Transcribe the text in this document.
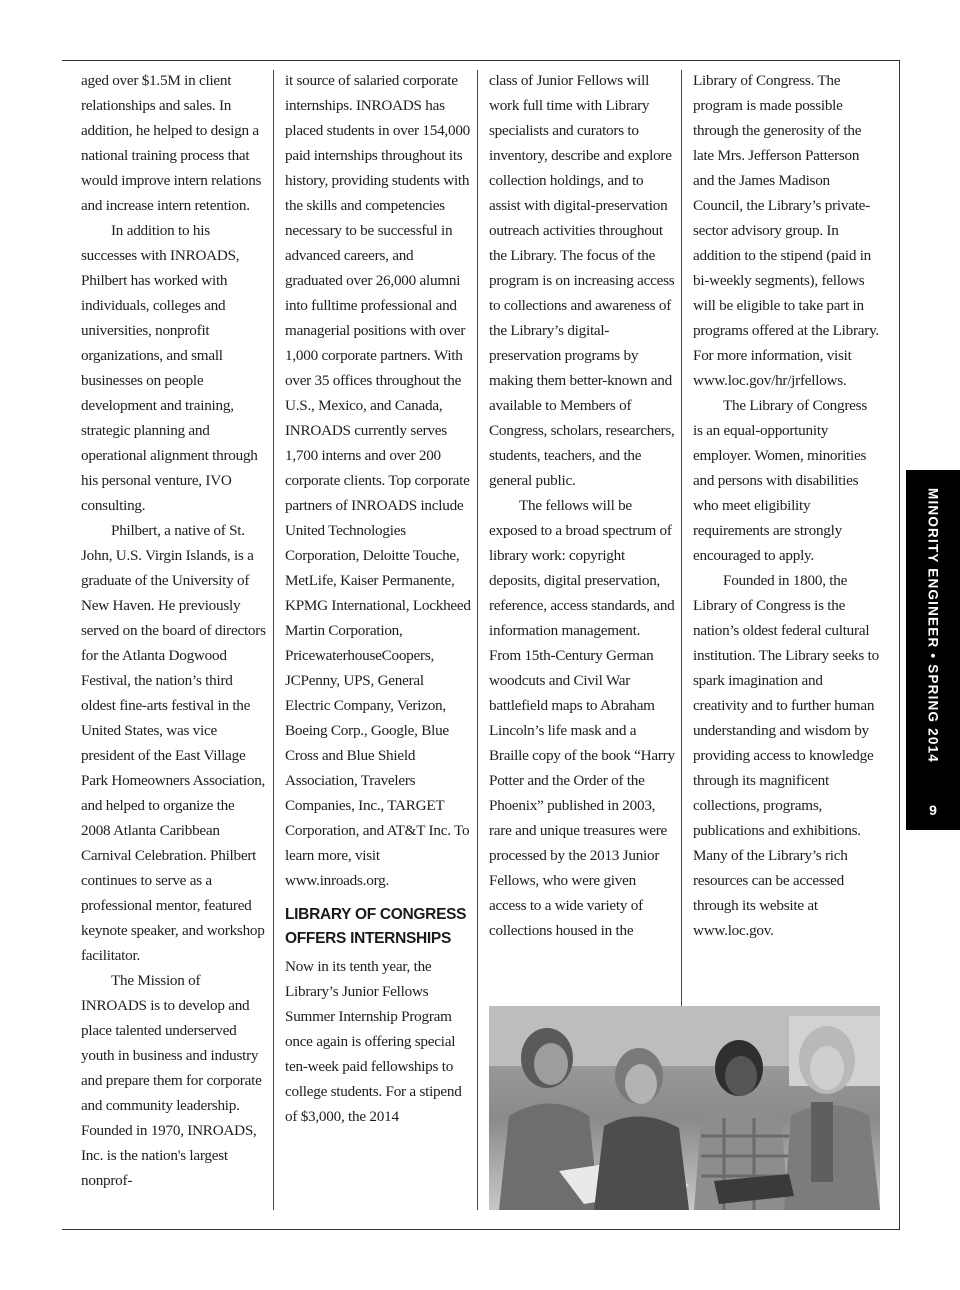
aged over $1.5M in client relationships and sales. In addition, he helped to design a national training process that would improve intern relations and increase intern retention.

In addition to his successes with INROADS, Philbert has worked with individuals, colleges and universities, nonprofit organizations, and small businesses on people development and training, strategic planning and operational alignment through his personal venture, IVO consulting.

Philbert, a native of St. John, U.S. Virgin Islands, is a graduate of the University of New Haven. He previously served on the board of directors for the Atlanta Dogwood Festival, the nation’s third oldest fine-arts festival in the United States, was vice president of the East Village Park Homeowners Association, and helped to organize the 2008 Atlanta Caribbean Carnival Celebration. Philbert continues to serve as a professional mentor, featured keynote speaker, and workshop facilitator.

The Mission of INROADS is to develop and place talented underserved youth in business and industry and prepare them for corporate and community leadership. Founded in 1970, INROADS, Inc. is the nation's largest nonprof-

it source of salaried corporate internships. INROADS has placed students in over 154,000 paid internships throughout its history, providing students with the skills and competencies necessary to be successful in advanced careers, and graduated over 26,000 alumni into fulltime professional and managerial positions with over 1,000 corporate partners. With over 35 offices throughout the U.S., Mexico, and Canada, INROADS currently serves 1,700 interns and over 200 corporate clients. Top corporate partners of INROADS include United Technologies Corporation, Deloitte Touche, MetLife, Kaiser Permanente, KPMG International, Lockheed Martin Corporation, PricewaterhouseCoopers, JCPenny, UPS, General Electric Company, Verizon, Boeing Corp., Google, Blue Cross and Blue Shield Association, Travelers Companies, Inc., TARGET Corporation, and AT&T Inc. To learn more, visit www.inroads.org.

LIBRARY OF CONGRESS OFFERS INTERNSHIPS

Now in its tenth year, the Library’s Junior Fellows Summer Internship Program once again is offering special ten-week paid fellowships to college students. For a stipend of $3,000, the 2014

class of Junior Fellows will work full time with Library specialists and curators to inventory, describe and explore collection holdings, and to assist with digital-preservation outreach activities throughout the Library. The focus of the program is on increasing access to collections and awareness of the Library’s digital-preservation programs by making them better-known and available to Members of Congress, scholars, researchers, students, teachers, and the general public.

The fellows will be exposed to a broad spectrum of library work: copyright deposits, digital preservation, reference, access standards, and information management. From 15th-Century German woodcuts and Civil War battlefield maps to Abraham Lincoln’s life mask and a Braille copy of the book “Harry Potter and the Order of the Phoenix” published in 2003, rare and unique treasures were processed by the 2013 Junior Fellows, who were given access to a wide variety of collections housed in the

Library of Congress. The program is made possible through the generosity of the late Mrs. Jefferson Patterson and the James Madison Council, the Library’s private-sector advisory group. In addition to the stipend (paid in bi-weekly segments), fellows will be eligible to take part in programs offered at the Library. For more information, visit www.loc.gov/hr/jrfellows.

The Library of Congress is an equal-opportunity employer. Women, minorities and persons with disabilities who meet eligibility requirements are strongly encouraged to apply.

Founded in 1800, the Library of Congress is the nation’s oldest federal cultural institution. The Library seeks to spark imagination and creativity and to further human understanding and wisdom by providing access to knowledge through its magnificent collections, programs, publications and exhibitions. Many of the Library’s rich resources can be accessed through its website at www.loc.gov.

MINORITY ENGINEER • SPRING 2014
9
